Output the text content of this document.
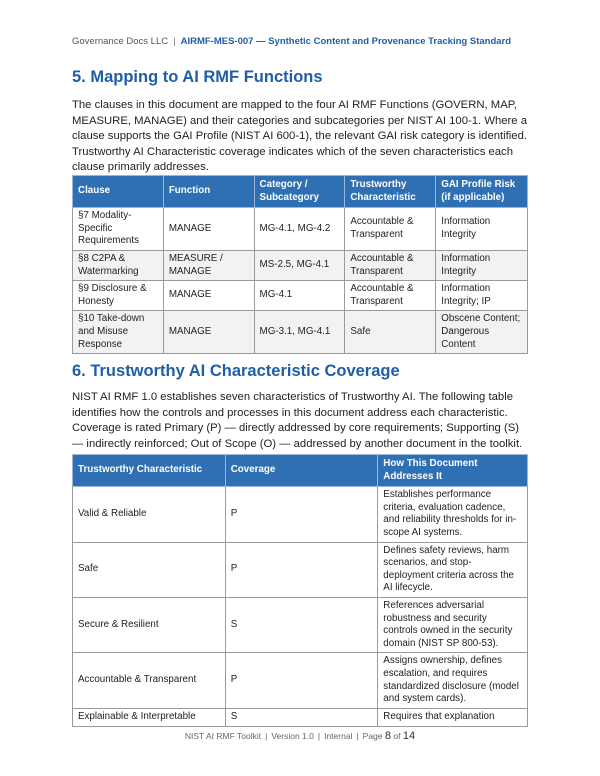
Governance Docs LLC | AIRMF-MES-007 — Synthetic Content and Provenance Tracking Standard
5. Mapping to AI RMF Functions

The clauses in this document are mapped to the four AI RMF Functions (GOVERN, MAP, MEASURE, MANAGE) and their categories and subcategories per NIST AI 100-1. Where a clause supports the GAI Profile (NIST AI 600-1), the relevant GAI risk category is identified. Trustworthy AI Characteristic coverage indicates which of the seven characteristics each clause primarily addresses.

Clause	Function	Category / Subcategory	Trustworthy Characteristic	GAI Profile Risk (if applicable)
§7 Modality-Specific Requirements	MANAGE	MG-4.1, MG-4.2	Accountable & Transparent	Information Integrity
§8 C2PA & Watermarking	MEASURE / MANAGE	MS-2.5, MG-4.1	Accountable & Transparent	Information Integrity
§9 Disclosure & Honesty	MANAGE	MG-4.1	Accountable & Transparent	Information Integrity; IP
§10 Take-down and Misuse Response	MANAGE	MG-3.1, MG-4.1	Safe	Obscene Content; Dangerous Content
6. Trustworthy AI Characteristic Coverage

NIST AI RMF 1.0 establishes seven characteristics of Trustworthy AI. The following table identifies how the controls and processes in this document address each characteristic. Coverage is rated Primary (P) — directly addressed by core requirements; Supporting (S) — indirectly reinforced; Out of Scope (O) — addressed by another document in the toolkit.

Trustworthy Characteristic	Coverage	How This Document Addresses It
Valid & Reliable	P	Establishes performance criteria, evaluation cadence, and reliability thresholds for in-scope AI systems.
Safe	P	Defines safety reviews, harm scenarios, and stop-deployment criteria across the AI lifecycle.
Secure & Resilient	S	References adversarial robustness and security controls owned in the security domain (NIST SP 800-53).
Accountable & Transparent	P	Assigns ownership, defines escalation, and requires standardized disclosure (model and system cards).
Explainable & Interpretable	S	Requires that explanation
NIST AI RMF Toolkit | Version 1.0 | Internal | Page 8 of 14
